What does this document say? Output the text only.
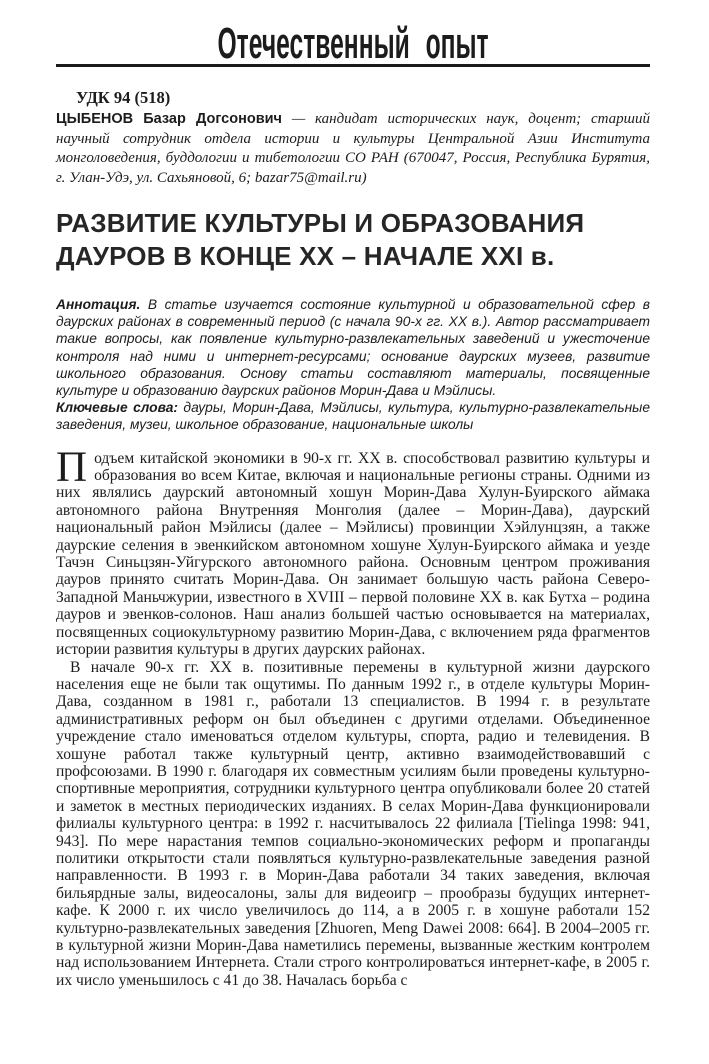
Отечественный опыт
УДК 94 (518)
ЦЫБЕНОВ Базар Догсонович — кандидат исторических наук, доцент; старший научный сотрудник отдела истории и культуры Центральной Азии Института монголоведения, буддологии и тибетологии СО РАН (670047, Россия, Республика Бурятия, г. Улан-Удэ, ул. Сахьяновой, 6; bazar75@mail.ru)
РАЗВИТИЕ КУЛЬТУРЫ И ОБРАЗОВАНИЯ
ДАУРОВ В КОНЦЕ XX – НАЧАЛЕ XXI в.
Аннотация. В статье изучается состояние культурной и образовательной сфер в даурских районах в современный период (с начала 90-х гг. XX в.). Автор рассматривает такие вопросы, как появление культурно-развлекательных заведений и ужесточение контроля над ними и интернет-ресурсами; основание даурских музеев, развитие школьного образования. Основу статьи составляют материалы, посвященные культуре и образованию даурских районов Морин-Дава и Мэйлисы.
Ключевые слова: дауры, Морин-Дава, Мэйлисы, культура, культурно-развлекательные заведения, музеи, школьное образование, национальные школы

Подъем китайской экономики в 90-х гг. XX в. способствовал развитию культуры и образования во всем Китае, включая и национальные регионы страны. Одними из них являлись даурский автономный хошун Морин-Дава Хулун-Буирского аймака автономного района Внутренняя Монголия (далее – Морин-Дава), даурский национальный район Мэйлисы (далее – Мэйлисы) провинции Хэйлунцзян, а также даурские селения в эвенкийском автономном хошуне Хулун-Буирского аймака и уезде Тачэн Синьцзян-Уйгурского автономного района. Основным центром проживания дауров принято считать Морин-Дава. Он занимает большую часть района Северо-Западной Маньчжурии, известного в XVIII – первой половине XX в. как Бутха – родина дауров и эвенков-солонов. Наш анализ большей частью основывается на материалах, посвященных социокультурному развитию Морин-Дава, с включением ряда фрагментов истории развития культуры в других даурских районах.

В начале 90-х гг. XX в. позитивные перемены в культурной жизни даурского населения еще не были так ощутимы. По данным 1992 г., в отделе культуры Морин-Дава, созданном в 1981 г., работали 13 специалистов. В 1994 г. в результате административных реформ он был объединен с другими отделами. Объединенное учреждение стало именоваться отделом культуры, спорта, радио и телевидения. В хошуне работал также культурный центр, активно взаимодействовавший с профсоюзами. В 1990 г. благодаря их совместным усилиям были проведены культурно-спортивные мероприятия, сотрудники культурного центра опубликовали более 20 статей и заметок в местных периодических изданиях. В селах Морин-Дава функционировали филиалы культурного центра: в 1992 г. насчитывалось 22 филиала [Tielinga 1998: 941, 943]. По мере нарастания темпов социально-экономических реформ и пропаганды политики открытости стали появляться культурно-развлекательные заведения разной направленности. В 1993 г. в Морин-Дава работали 34 таких заведения, включая бильярдные залы, видеосалоны, залы для видеоигр – прообразы будущих интернет-кафе. К 2000 г. их число увеличилось до 114, а в 2005 г. в хошуне работали 152 культурно-развлекательных заведения [Zhuoren, Meng Dawei 2008: 664]. В 2004–2005 гг. в культурной жизни Морин-Дава наметились перемены, вызванные жестким контролем над использованием Интернета. Стали строго контролироваться интернет-кафе, в 2005 г. их число уменьшилось с 41 до 38. Началась борьба с
